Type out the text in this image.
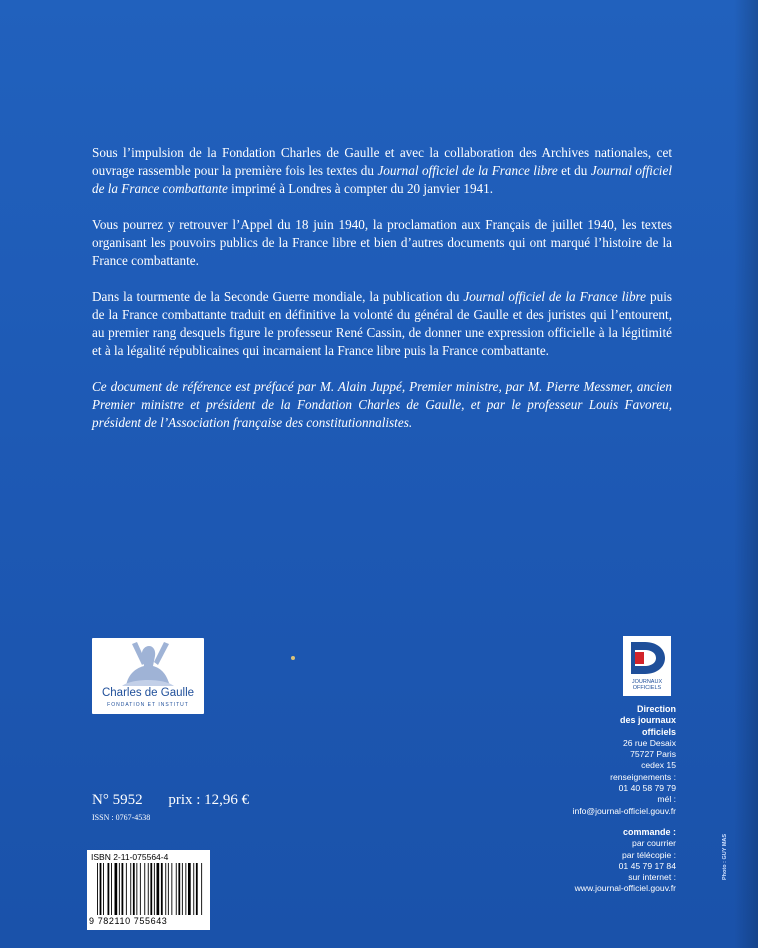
Sous l’impulsion de la Fondation Charles de Gaulle et avec la collaboration des Archives nationales, cet ouvrage rassemble pour la première fois les textes du Journal officiel de la France libre et du Journal officiel de la France combattante imprimé à Londres à compter du 20 janvier 1941.

Vous pourrez y retrouver l’Appel du 18 juin 1940, la proclamation aux Français de juillet 1940, les textes organisant les pouvoirs publics de la France libre et bien d’autres documents qui ont marqué l’histoire de la France combattante.

Dans la tourmente de la Seconde Guerre mondiale, la publication du Journal officiel de la France libre puis de la France combattante traduit en définitive la volonté du général de Gaulle et des juristes qui l’entourent, au premier rang desquels figure le professeur René Cassin, de donner une expression officielle à la légitimité et à la légalité républicaines qui incarnaient la France libre puis la France combattante.

Ce document de référence est préfacé par M. Alain Juppé, Premier ministre, par M. Pierre Messmer, ancien Premier ministre et président de la Fondation Charles de Gaulle, et par le professeur Louis Favoreu, président de l’Association française des constitutionnalistes.

Charles de Gaulle
FONDATION ET INSTITUT
JOURNAUX
OFFICIELS
Direction
des journaux
officiels
26 rue Desaix
75727 Paris
cedex 15
renseignements :
01 40 58 79 79
mél :
info@journal-officiel.gouv.fr
commande :
par courrier
par télécopie :
01 45 79 17 84
sur internet :
www.journal-officiel.gouv.fr
N° 5952 prix : 12,96 €
ISSN : 0767-4538
ISBN 2-11-075564-4
9 782110 755643
Photo : GUY MAS
